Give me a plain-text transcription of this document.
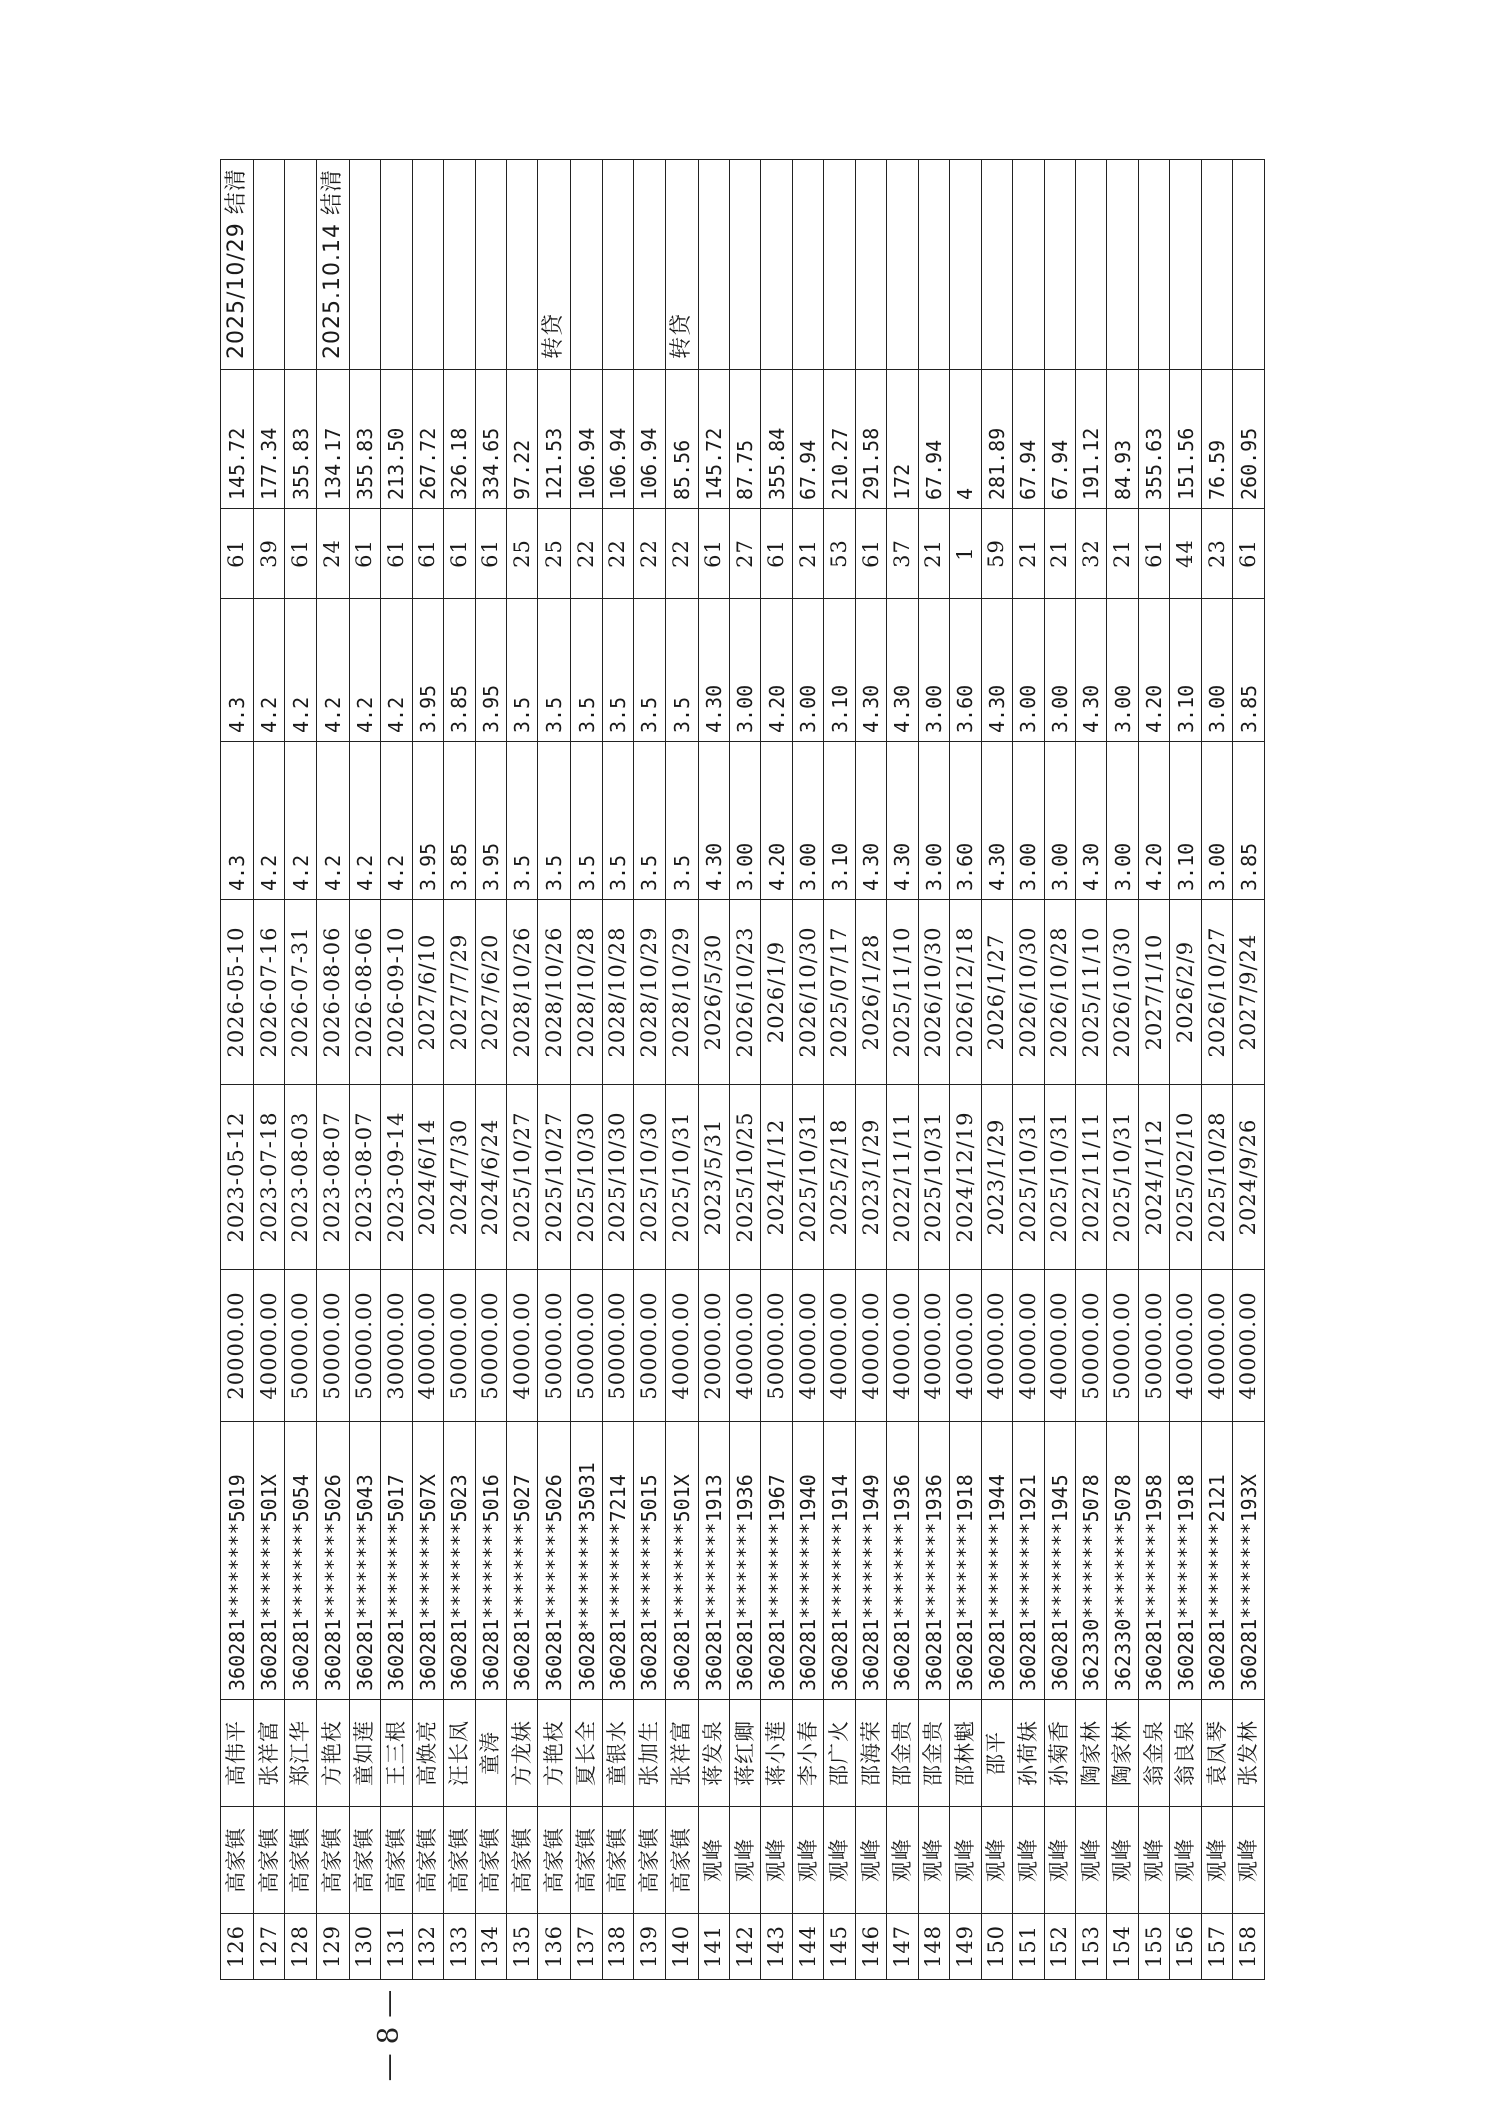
126	高家镇	高伟平	360281********5019	20000.00	2023-05-12	2026-05-10	4.3	4.3	61	145.72	2025/10/29 结清
127	高家镇	张祥富	360281********501X	40000.00	2023-07-18	2026-07-16	4.2	4.2	39	177.34	
128	高家镇	郑江华	360281********5054	50000.00	2023-08-03	2026-07-31	4.2	4.2	61	355.83	
129	高家镇	方艳枝	360281********5026	50000.00	2023-08-07	2026-08-06	4.2	4.2	24	134.17	2025.10.14 结清
130	高家镇	童如莲	360281********5043	50000.00	2023-08-07	2026-08-06	4.2	4.2	61	355.83	
131	高家镇	王三根	360281********5017	30000.00	2023-09-14	2026-09-10	4.2	4.2	61	213.50	
132	高家镇	高焕亮	360281********507X	40000.00	2024/6/14	2027/6/10	3.95	3.95	61	267.72	
133	高家镇	汪长凤	360281********5023	50000.00	2024/7/30	2027/7/29	3.85	3.85	61	326.18	
134	高家镇	童涛	360281********5016	50000.00	2024/6/24	2027/6/20	3.95	3.95	61	334.65	
135	高家镇	方龙妹	360281********5027	40000.00	2025/10/27	2028/10/26	3.5	3.5	25	97.22	
136	高家镇	方艳枝	360281********5026	50000.00	2025/10/27	2028/10/26	3.5	3.5	25	121.53	转贷
137	高家镇	夏长全	36028*********35031	50000.00	2025/10/30	2028/10/28	3.5	3.5	22	106.94	
138	高家镇	童银水	360281********7214	50000.00	2025/10/30	2028/10/28	3.5	3.5	22	106.94	
139	高家镇	张加生	360281********5015	50000.00	2025/10/30	2028/10/29	3.5	3.5	22	106.94	
140	高家镇	张祥富	360281********501X	40000.00	2025/10/31	2028/10/29	3.5	3.5	22	85.56	转贷
141	观峰	蒋发泉	360281********1913	20000.00	2023/5/31	2026/5/30	4.30	4.30	61	145.72	
142	观峰	蒋红卿	360281********1936	40000.00	2025/10/25	2026/10/23	3.00	3.00	27	87.75	
143	观峰	蒋小莲	360281********1967	50000.00	2024/1/12	2026/1/9	4.20	4.20	61	355.84	
144	观峰	李小春	360281********1940	40000.00	2025/10/31	2026/10/30	3.00	3.00	21	67.94	
145	观峰	邵广火	360281********1914	40000.00	2025/2/18	2025/07/17	3.10	3.10	53	210.27	
146	观峰	邵海荣	360281********1949	40000.00	2023/1/29	2026/1/28	4.30	4.30	61	291.58	
147	观峰	邵金贵	360281********1936	40000.00	2022/11/11	2025/11/10	4.30	4.30	37	172	
148	观峰	邵金贵	360281********1936	40000.00	2025/10/31	2026/10/30	3.00	3.00	21	67.94	
149	观峰	邵林魁	360281********1918	40000.00	2024/12/19	2026/12/18	3.60	3.60	1	4	
150	观峰	邵平	360281********1944	40000.00	2023/1/29	2026/1/27	4.30	4.30	59	281.89	
151	观峰	孙荷妹	360281********1921	40000.00	2025/10/31	2026/10/30	3.00	3.00	21	67.94	
152	观峰	孙菊香	360281********1945	40000.00	2025/10/31	2026/10/28	3.00	3.00	21	67.94	
153	观峰	陶家林	362330********5078	50000.00	2022/11/11	2025/11/10	4.30	4.30	32	191.12	
154	观峰	陶家林	362330********5078	50000.00	2025/10/31	2026/10/30	3.00	3.00	21	84.93	
155	观峰	翁金泉	360281********1958	50000.00	2024/1/12	2027/1/10	4.20	4.20	61	355.63	
156	观峰	翁良泉	360281********1918	40000.00	2025/02/10	2026/2/9	3.10	3.10	44	151.56	
157	观峰	袁凤琴	360281********2121	40000.00	2025/10/28	2026/10/27	3.00	3.00	23	76.59	
158	观峰	张发林	360281********193X	40000.00	2024/9/26	2027/9/24	3.85	3.85	61	260.95	
— 8 —
